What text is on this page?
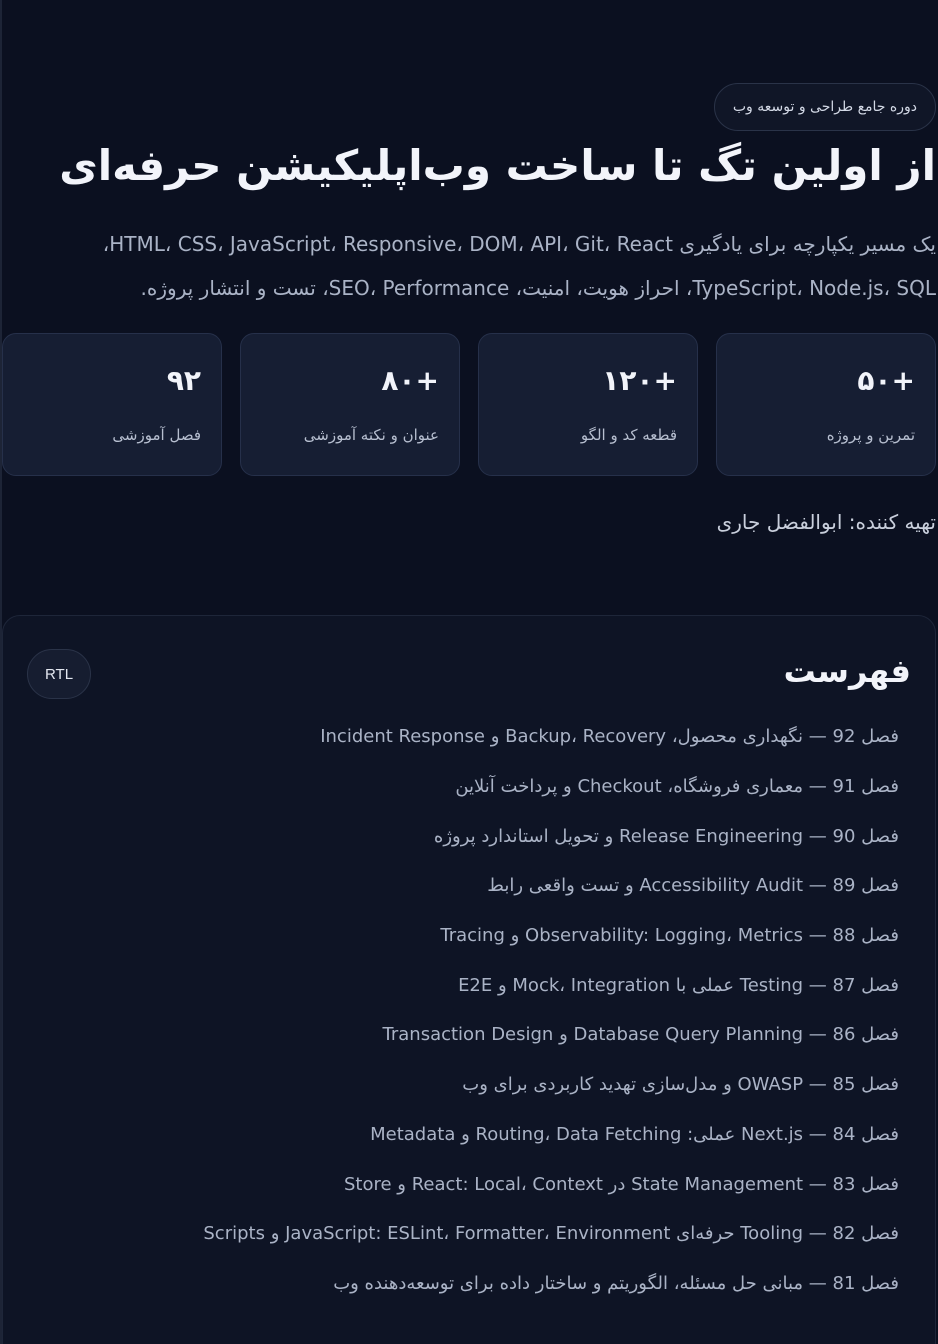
دوره جامع طراحی و توسعه وب
از اولین تگ تا ساخت وب‌اپلیکیشن حرفه‌ای

یک مسیر یکپارچه برای یادگیری HTML، CSS، JavaScript، Responsive، DOM، API، Git، React،
TypeScript، Node.js، SQL، احراز هویت، امنیت، SEO، Performance، تست و انتشار پروژه.

+۵۰
تمرین و پروژه
+۱۲۰
قطعه کد و الگو
+۸۰
عنوان و نکته آموزشی
۹۲
فصل آموزشی
تهیه کننده: ابوالفضل جاری
فهرست
RTL
فصل 92 — نگهداری محصول، Backup، Recovery و Incident Response
فصل 91 — معماری فروشگاه، Checkout و پرداخت آنلاین
فصل 90 — Release Engineering و تحویل استاندارد پروژه
فصل 89 — Accessibility Audit و تست واقعی رابط
فصل 88 — Observability: Logging، Metrics و Tracing
فصل 87 — Testing عملی با Mock، Integration و E2E
فصل 86 — Database Query Planning و Transaction Design
فصل 85 — OWASP و مدل‌سازی تهدید کاربردی برای وب
فصل 84 — Next.js عملی: Routing، Data Fetching و Metadata
فصل 83 — State Management در React: Local، Context و Store
فصل 82 — Tooling حرفه‌ای JavaScript: ESLint، Formatter، Environment و Scripts
فصل 81 — مبانی حل مسئله، الگوریتم و ساختار داده برای توسعه‌دهنده وب
